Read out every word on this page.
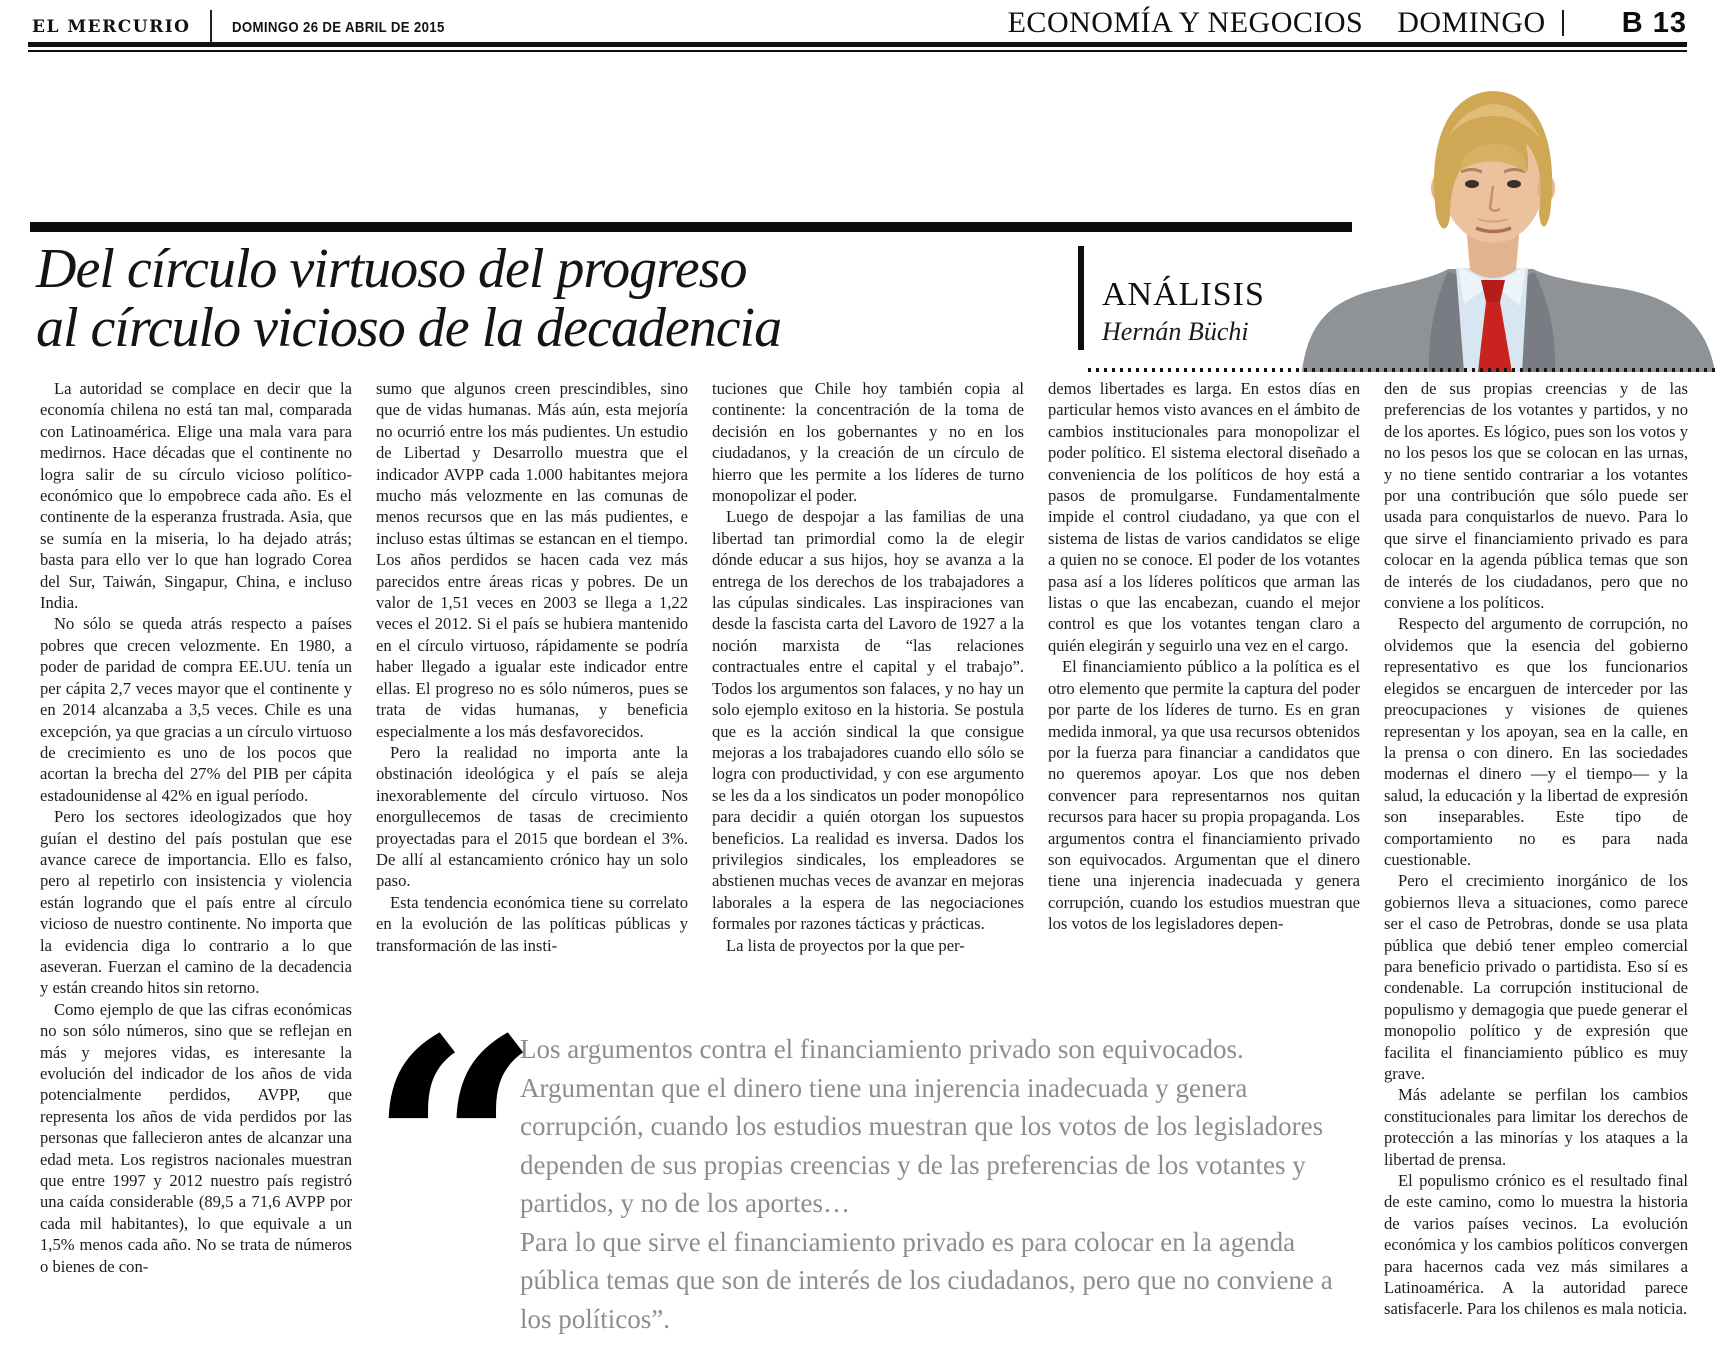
EL MERCURIO	DOMINGO 26 DE ABRIL DE 2015	ECONOMÍA Y NEGOCIOS DOMINGO	B 13
Del círculo virtuoso del progreso
al círculo vicioso de la decadencia
ANÁLISIS
Hernán Büchi

La autoridad se complace en decir que la economía chilena no está tan mal, comparada con Latinoamérica. Elige una mala vara para medirnos. Hace décadas que el continente no logra salir de su círculo vicioso político-económico que lo empobrece cada año. Es el continente de la esperanza frustrada. Asia, que se sumía en la miseria, lo ha dejado atrás; basta para ello ver lo que han logrado Corea del Sur, Taiwán, Singapur, China, e incluso India.

No sólo se queda atrás respecto a países pobres que crecen velozmente. En 1980, a poder de paridad de compra EE.UU. tenía un per cápita 2,7 veces mayor que el continente y en 2014 alcanzaba a 3,5 veces. Chile es una excepción, ya que gracias a un círculo virtuoso de crecimiento es uno de los pocos que acortan la brecha del 27% del PIB per cápita estadounidense al 42% en igual período.

Pero los sectores ideologizados que hoy guían el destino del país postulan que ese avance carece de importancia. Ello es falso, pero al repetirlo con insistencia y violencia están logrando que el país entre al círculo vicioso de nuestro continente. No importa que la evidencia diga lo contrario a lo que aseveran. Fuerzan el camino de la decadencia y están creando hitos sin retorno.

Como ejemplo de que las cifras económicas no son sólo números, sino que se reflejan en más y mejores vidas, es interesante la evolución del indicador de los años de vida potencialmente perdidos, AVPP, que representa los años de vida perdidos por las personas que fallecieron antes de alcanzar una edad meta. Los registros nacionales muestran que entre 1997 y 2012 nuestro país registró una caída considerable (89,5 a 71,6 AVPP por cada mil habitantes), lo que equivale a un 1,5% menos cada año. No se trata de números o bienes de con-

sumo que algunos creen prescindibles, sino que de vidas humanas. Más aún, esta mejoría no ocurrió entre los más pudientes. Un estudio de Libertad y Desarrollo muestra que el indicador AVPP cada 1.000 habitantes mejora mucho más velozmente en las comunas de menos recursos que en las más pudientes, e incluso estas últimas se estancan en el tiempo. Los años perdidos se hacen cada vez más parecidos entre áreas ricas y pobres. De un valor de 1,51 veces en 2003 se llega a 1,22 veces el 2012. Si el país se hubiera mantenido en el círculo virtuoso, rápidamente se podría haber llegado a igualar este indicador entre ellas. El progreso no es sólo números, pues se trata de vidas humanas, y beneficia especialmente a los más desfavorecidos.

Pero la realidad no importa ante la obstinación ideológica y el país se aleja inexorablemente del círculo virtuoso. Nos enorgullecemos de tasas de crecimiento proyectadas para el 2015 que bordean el 3%. De allí al estancamiento crónico hay un solo paso.

Esta tendencia económica tiene su correlato en la evolución de las políticas públicas y transformación de las insti-

tuciones que Chile hoy también copia al continente: la concentración de la toma de decisión en los gobernantes y no en los ciudadanos, y la creación de un círculo de hierro que les permite a los líderes de turno monopolizar el poder.

Luego de despojar a las familias de una libertad tan primordial como la de elegir dónde educar a sus hijos, hoy se avanza a la entrega de los derechos de los trabajadores a las cúpulas sindicales. Las inspiraciones van desde la fascista carta del Lavoro de 1927 a la noción marxista de “las relaciones contractuales entre el capital y el trabajo”. Todos los argumentos son falaces, y no hay un solo ejemplo exitoso en la historia. Se postula que es la acción sindical la que consigue mejoras a los trabajadores cuando ello sólo se logra con productividad, y con ese argumento se les da a los sindicatos un poder monopólico para decidir a quién otorgan los supuestos beneficios. La realidad es inversa. Dados los privilegios sindicales, los empleadores se abstienen muchas veces de avanzar en mejoras laborales a la espera de las negociaciones formales por razones tácticas y prácticas.

La lista de proyectos por la que per-

demos libertades es larga. En estos días en particular hemos visto avances en el ámbito de cambios institucionales para monopolizar el poder político. El sistema electoral diseñado a conveniencia de los políticos de hoy está a pasos de promulgarse. Fundamentalmente impide el control ciudadano, ya que con el sistema de listas de varios candidatos se elige a quien no se conoce. El poder de los votantes pasa así a los líderes políticos que arman las listas o que las encabezan, cuando el mejor control es que los votantes tengan claro a quién elegirán y seguirlo una vez en el cargo.

El financiamiento público a la política es el otro elemento que permite la captura del poder por parte de los líderes de turno. Es en gran medida inmoral, ya que usa recursos obtenidos por la fuerza para financiar a candidatos que no queremos apoyar. Los que nos deben convencer para representarnos nos quitan recursos para hacer su propia propaganda. Los argumentos contra el financiamiento privado son equivocados. Argumentan que el dinero tiene una injerencia inadecuada y genera corrupción, cuando los estudios muestran que los votos de los legisladores depen-

den de sus propias creencias y de las preferencias de los votantes y partidos, y no de los aportes. Es lógico, pues son los votos y no los pesos los que se colocan en las urnas, y no tiene sentido contrariar a los votantes por una contribución que sólo puede ser usada para conquistarlos de nuevo. Para lo que sirve el financiamiento privado es para colocar en la agenda pública temas que son de interés de los ciudadanos, pero que no conviene a los políticos.

Respecto del argumento de corrupción, no olvidemos que la esencia del gobierno representativo es que los funcionarios elegidos se encarguen de interceder por las preocupaciones y visiones de quienes representan y los apoyan, sea en la calle, en la prensa o con dinero. En las sociedades modernas el dinero —y el tiempo— y la salud, la educación y la libertad de expresión son inseparables. Este tipo de comportamiento no es para nada cuestionable.

Pero el crecimiento inorgánico de los gobiernos lleva a situaciones, como parece ser el caso de Petrobras, donde se usa plata pública que debió tener empleo comercial para beneficio privado o partidista. Eso sí es condenable. La corrupción institucional de populismo y demagogia que puede generar el monopolio político y de expresión que facilita el financiamiento público es muy grave.

Más adelante se perfilan los cambios constitucionales para limitar los derechos de protección a las minorías y los ataques a la libertad de prensa.

El populismo crónico es el resultado final de este camino, como lo muestra la historia de varios países vecinos. La evolución económica y los cambios políticos convergen para hacernos cada vez más similares a Latinoamérica. A la autoridad parece satisfacerle. Para los chilenos es mala noticia.

“

Los argumentos contra el financiamiento privado son equivocados. Argumentan que el dinero tiene una injerencia inadecuada y genera corrupción, cuando los estudios muestran que los votos de los legisladores dependen de sus propias creencias y de las preferencias de los votantes y partidos, y no de los aportes…

Para lo que sirve el financiamiento privado es para colocar en la agenda pública temas que son de interés de los ciudadanos, pero que no conviene a los políticos”.
